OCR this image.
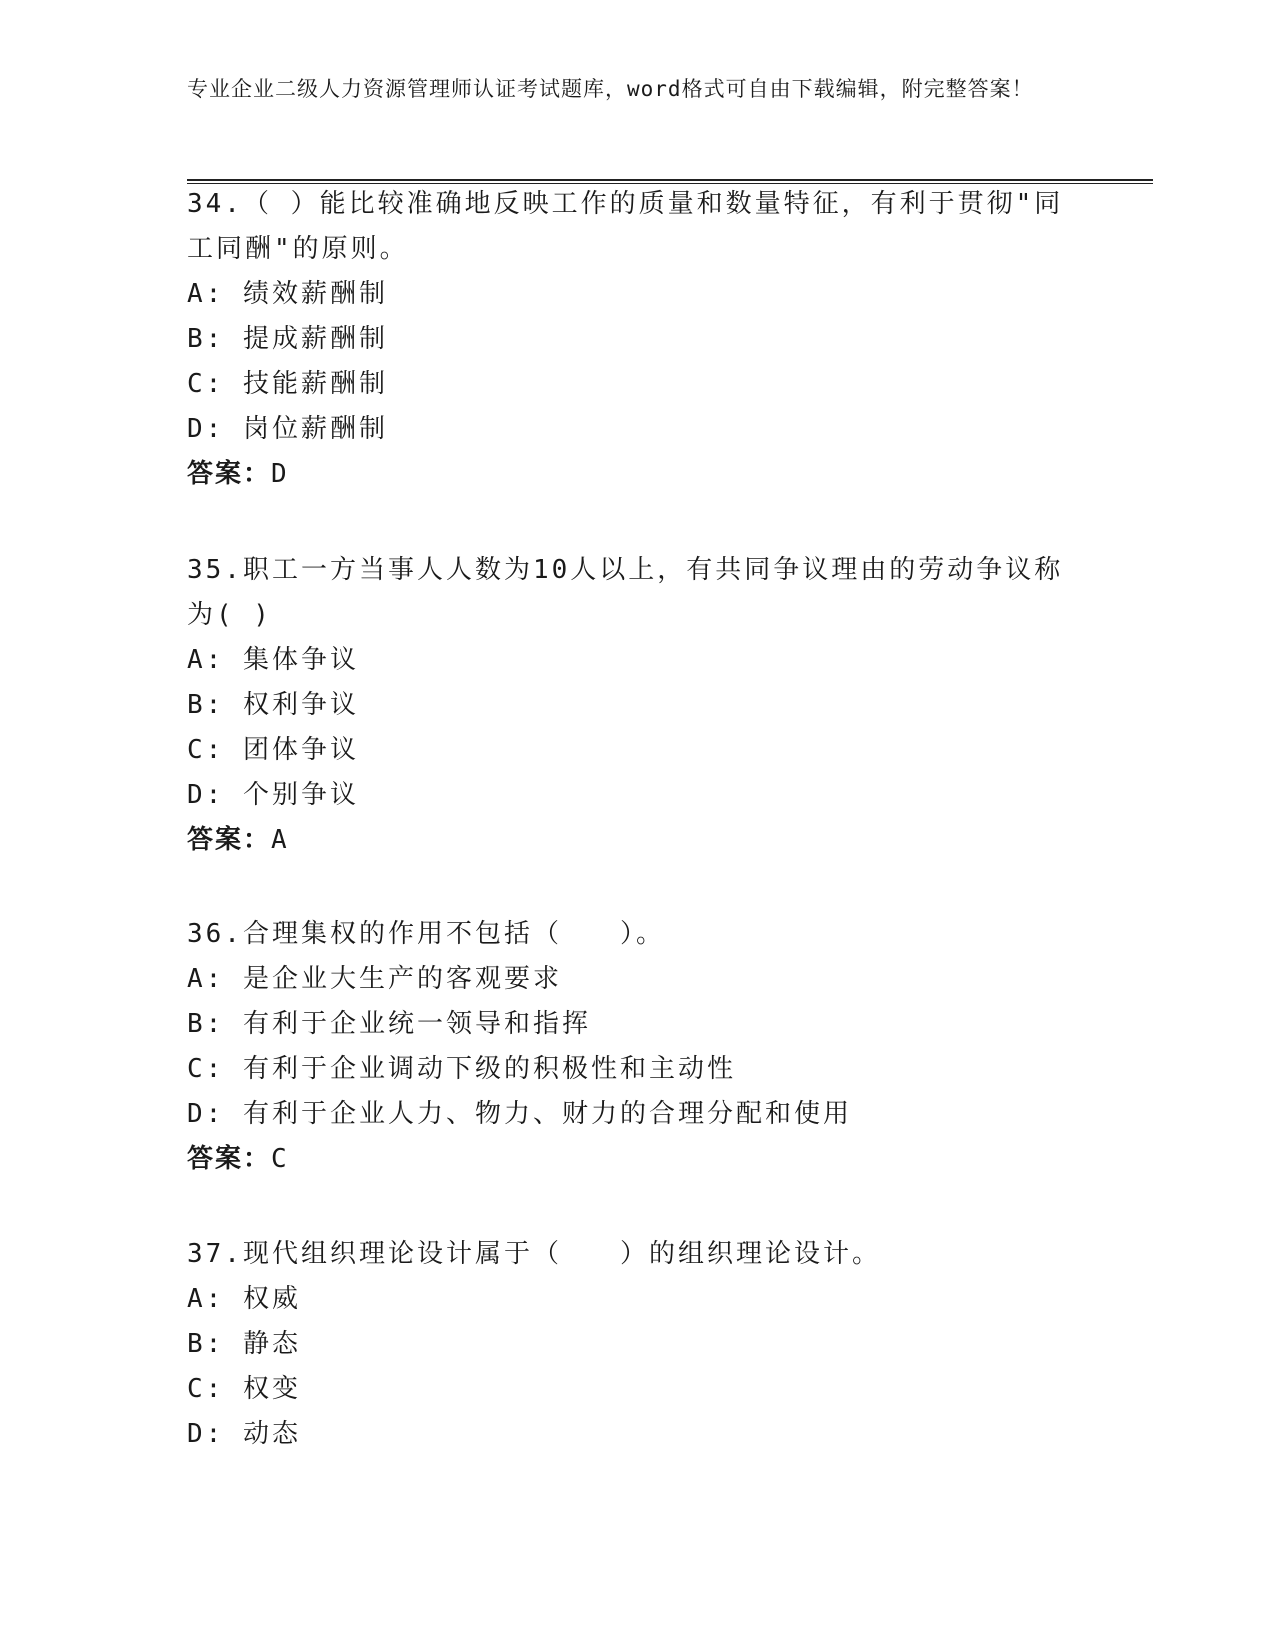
专业企业二级人力资源管理师认证考试题库，word格式可自由下载编辑，附完整答案！

34.（ ）能比较准确地反映工作的质量和数量特征，有利于贯彻"同工同酬"的原则。

A: 绩效薪酬制

B: 提成薪酬制

C: 技能薪酬制

D: 岗位薪酬制

答案：D

35.职工一方当事人人数为10人以上，有共同争议理由的劳动争议称为( )

A: 集体争议

B: 权利争议

C: 团体争议

D: 个别争议

答案：A

36.合理集权的作用不包括（　　）。

A: 是企业大生产的客观要求

B: 有利于企业统一领导和指挥

C: 有利于企业调动下级的积极性和主动性

D: 有利于企业人力、物力、财力的合理分配和使用

答案：C

37.现代组织理论设计属于（　　）的组织理论设计。

A: 权威

B: 静态

C: 权变

D: 动态
